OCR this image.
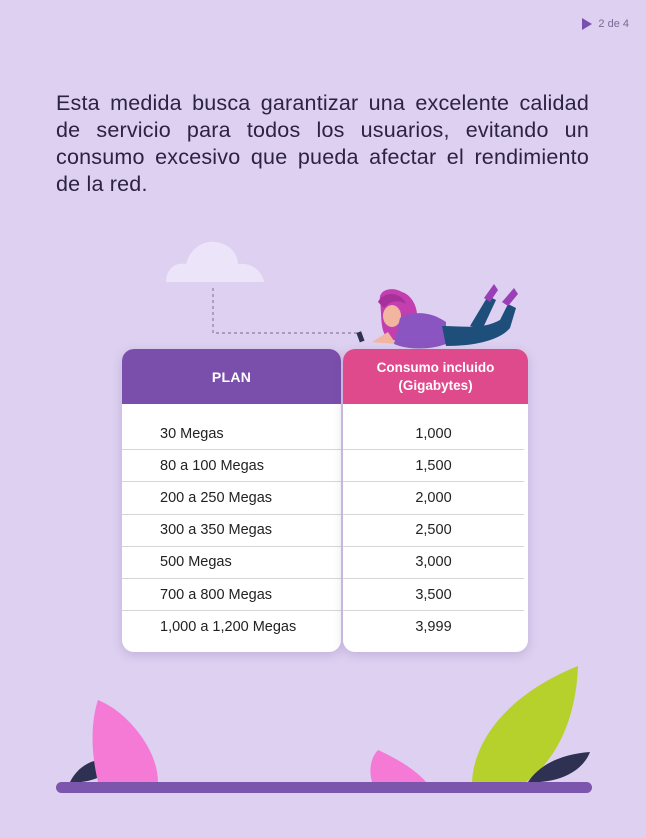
2 de 4

Esta medida busca garantizar una excelente calidad de servicio para todos los usuarios, evitando un consumo excesivo que pueda afectar el rendimiento de la red.

PLAN
30 Megas
80 a 100 Megas
200 a 250 Megas
300 a 350 Megas
500 Megas
700 a 800 Megas
1,000 a 1,200 Megas
Consumo incluido (Gigabytes)
1,000
1,500
2,000
2,500
3,000
3,500
3,999
